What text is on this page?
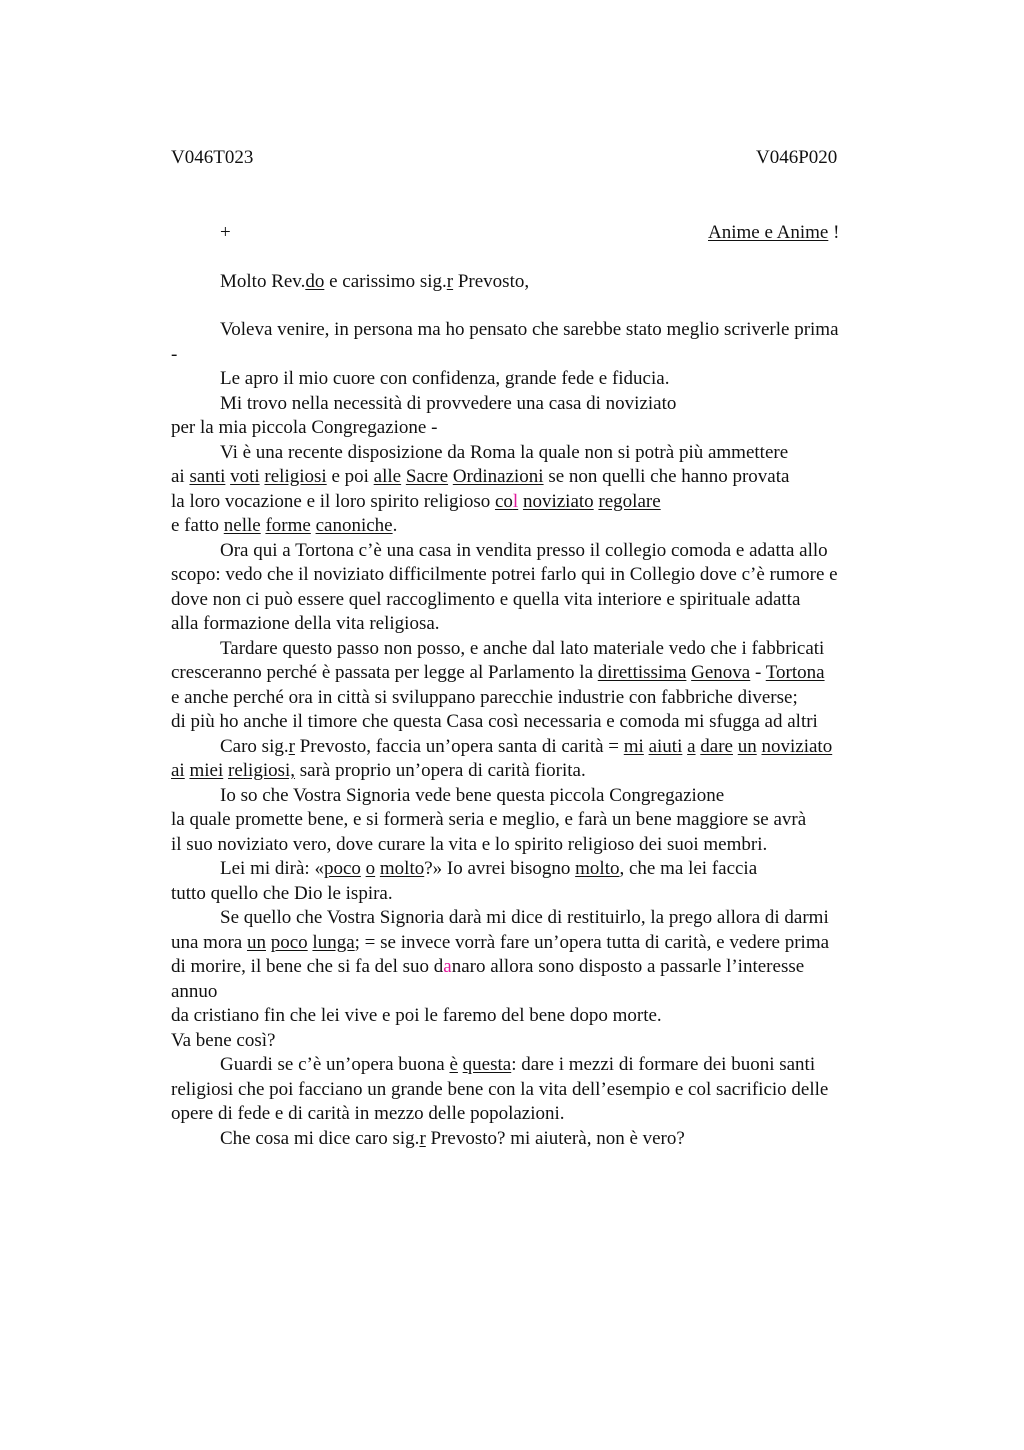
V046T023	V046P020
+	Anime e Anime !
Molto Rev.do e carissimo sig.r Prevosto,
Voleva venire, in persona ma ho pensato che sarebbe stato meglio scriverle prima
-
Le apro il mio cuore con confidenza, grande fede e fiducia.
Mi trovo nella necessità di provvedere una casa di noviziato
per la mia piccola Congregazione -
Vi è una recente disposizione da Roma la quale non si potrà più ammettere
ai santi voti religiosi e poi alle Sacre Ordinazioni se non quelli che hanno provata
la loro vocazione e il loro spirito religioso col noviziato regolare
e fatto nelle forme canoniche.
Ora qui a Tortona c’è una casa in vendita presso il collegio comoda e adatta allo
scopo: vedo che il noviziato difficilmente potrei farlo qui in Collegio dove c’è rumore e
dove non ci può essere quel raccoglimento e quella vita interiore e spirituale adatta
alla formazione della vita religiosa.
Tardare questo passo non posso, e anche dal lato materiale vedo che i fabbricati
cresceranno perché è passata per legge al Parlamento la direttissima Genova - Tortona
e anche perché ora in città si sviluppano parecchie industrie con fabbriche diverse;
di più ho anche il timore che questa Casa così necessaria e comoda mi sfugga ad altri
Caro sig.r Prevosto, faccia un’opera santa di carità = mi aiuti a dare un noviziato
ai miei religiosi, sarà proprio un’opera di carità fiorita.
Io so che Vostra Signoria vede bene questa piccola Congregazione
la quale promette bene, e si formerà seria e meglio, e farà un bene maggiore se avrà
il suo noviziato vero, dove curare la vita e lo spirito religioso dei suoi membri.
Lei mi dirà: «poco o molto?» Io avrei bisogno molto, che ma lei faccia
tutto quello che Dio le ispira.
Se quello che Vostra Signoria darà mi dice di restituirlo, la prego allora di darmi
una mora un poco lunga; = se invece vorrà fare un’opera tutta di carità, e vedere prima
di morire, il bene che si fa del suo danaro allora sono disposto a passarle l’interesse
annuo
da cristiano fin che lei vive e poi le faremo del bene dopo morte.
Va bene così?
Guardi se c’è un’opera buona è questa: dare i mezzi di formare dei buoni santi
religiosi che poi facciano un grande bene con la vita dell’esempio e col sacrificio delle
opere di fede e di carità in mezzo delle popolazioni.
Che cosa mi dice caro sig.r Prevosto? mi aiuterà, non è vero?
